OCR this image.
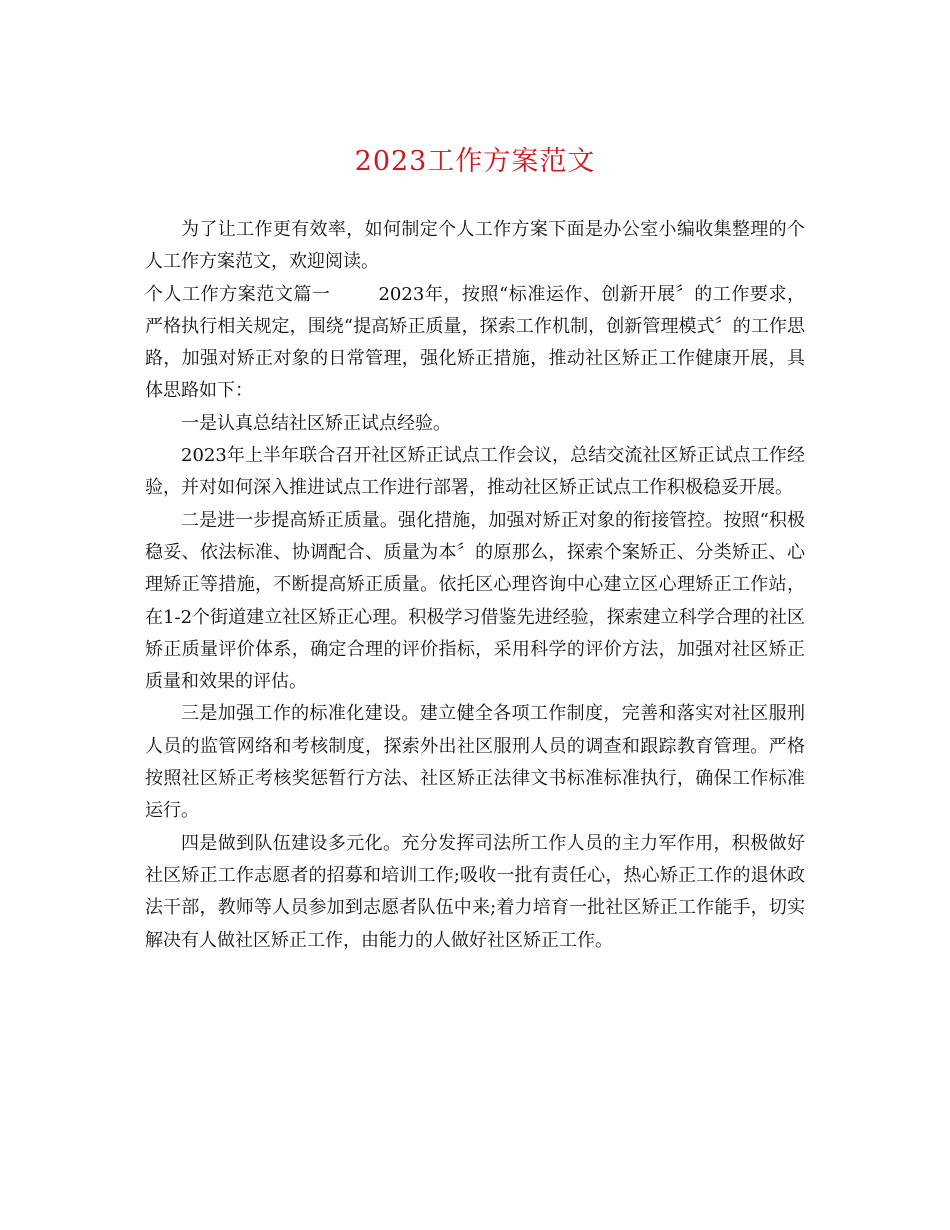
2023工作方案范文

为了让工作更有效率，如何制定个人工作方案下面是办公室小编收集整理的个人工作方案范文，欢迎阅读。

个人工作方案范文篇一	2023年，按照“标准运作、创新开展〞的工作要求，严格执行相关规定，围绕“提高矫正质量，探索工作机制，创新管理模式〞的工作思路，加强对矫正对象的日常管理，强化矫正措施，推动社区矫正工作健康开展，具体思路如下：

一是认真总结社区矫正试点经验。

2023年上半年联合召开社区矫正试点工作会议，总结交流社区矫正试点工作经验，并对如何深入推进试点工作进行部署，推动社区矫正试点工作积极稳妥开展。

二是进一步提高矫正质量。强化措施，加强对矫正对象的衔接管控。按照“积极稳妥、依法标准、协调配合、质量为本〞的原那么，探索个案矫正、分类矫正、心理矫正等措施，不断提高矫正质量。依托区心理咨询中心建立区心理矫正工作站，在1-2个街道建立社区矫正心理。积极学习借鉴先进经验，探索建立科学合理的社区矫正质量评价体系，确定合理的评价指标，采用科学的评价方法，加强对社区矫正质量和效果的评估。

三是加强工作的标准化建设。建立健全各项工作制度，完善和落实对社区服刑人员的监管网络和考核制度，探索外出社区服刑人员的调查和跟踪教育管理。严格按照社区矫正考核奖惩暂行方法、社区矫正法律文书标准标准执行，确保工作标准运行。

四是做到队伍建设多元化。充分发挥司法所工作人员的主力军作用，积极做好社区矫正工作志愿者的招募和培训工作;吸收一批有责任心，热心矫正工作的退休政法干部，教师等人员参加到志愿者队伍中来;着力培育一批社区矫正工作能手，切实解决有人做社区矫正工作，由能力的人做好社区矫正工作。
